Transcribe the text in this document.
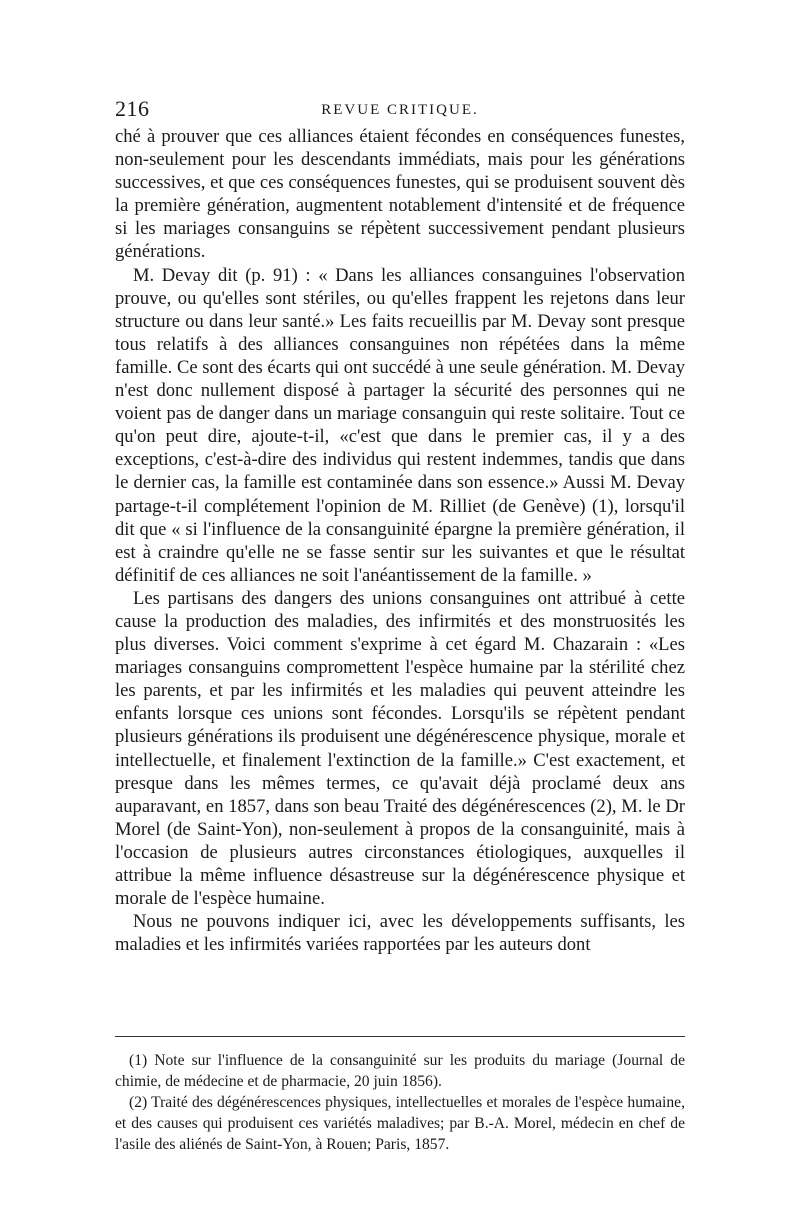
216	REVUE CRITIQUE.

ché à prouver que ces alliances étaient fécondes en conséquences funestes, non-seulement pour les descendants immédiats, mais pour les générations successives, et que ces conséquences funestes, qui se produisent souvent dès la première génération, augmentent notablement d'intensité et de fréquence si les mariages consanguins se répètent successivement pendant plusieurs générations.

M. Devay dit (p. 91) : « Dans les alliances consanguines l'observation prouve, ou qu'elles sont stériles, ou qu'elles frappent les rejetons dans leur structure ou dans leur santé.» Les faits recueillis par M. Devay sont presque tous relatifs à des alliances consanguines non répétées dans la même famille. Ce sont des écarts qui ont succédé à une seule génération. M. Devay n'est donc nullement disposé à partager la sécurité des personnes qui ne voient pas de danger dans un mariage consanguin qui reste solitaire. Tout ce qu'on peut dire, ajoute-t-il, «c'est que dans le premier cas, il y a des exceptions, c'est-à-dire des individus qui restent indemmes, tandis que dans le dernier cas, la famille est contaminée dans son essence.» Aussi M. Devay partage-t-il complétement l'opinion de M. Rilliet (de Genève) (1), lorsqu'il dit que « si l'influence de la consanguinité épargne la première génération, il est à craindre qu'elle ne se fasse sentir sur les suivantes et que le résultat définitif de ces alliances ne soit l'anéantissement de la famille. »

Les partisans des dangers des unions consanguines ont attribué à cette cause la production des maladies, des infirmités et des monstruosités les plus diverses. Voici comment s'exprime à cet égard M. Chazarain : «Les mariages consanguins compromettent l'espèce humaine par la stérilité chez les parents, et par les infirmités et les maladies qui peuvent atteindre les enfants lorsque ces unions sont fécondes. Lorsqu'ils se répètent pendant plusieurs générations ils produisent une dégénérescence physique, morale et intellectuelle, et finalement l'extinction de la famille.» C'est exactement, et presque dans les mêmes termes, ce qu'avait déjà proclamé deux ans auparavant, en 1857, dans son beau Traité des dégénérescences (2), M. le Dr Morel (de Saint-Yon), non-seulement à propos de la consanguinité, mais à l'occasion de plusieurs autres circonstances étiologiques, auxquelles il attribue la même influence désastreuse sur la dégénérescence physique et morale de l'espèce humaine.

Nous ne pouvons indiquer ici, avec les développements suffisants, les maladies et les infirmités variées rapportées par les auteurs dont

(1) Note sur l'influence de la consanguinité sur les produits du mariage (Journal de chimie, de médecine et de pharmacie, 20 juin 1856).

(2) Traité des dégénérescences physiques, intellectuelles et morales de l'espèce humaine, et des causes qui produisent ces variétés maladives; par B.-A. Morel, médecin en chef de l'asile des aliénés de Saint-Yon, à Rouen; Paris, 1857.
